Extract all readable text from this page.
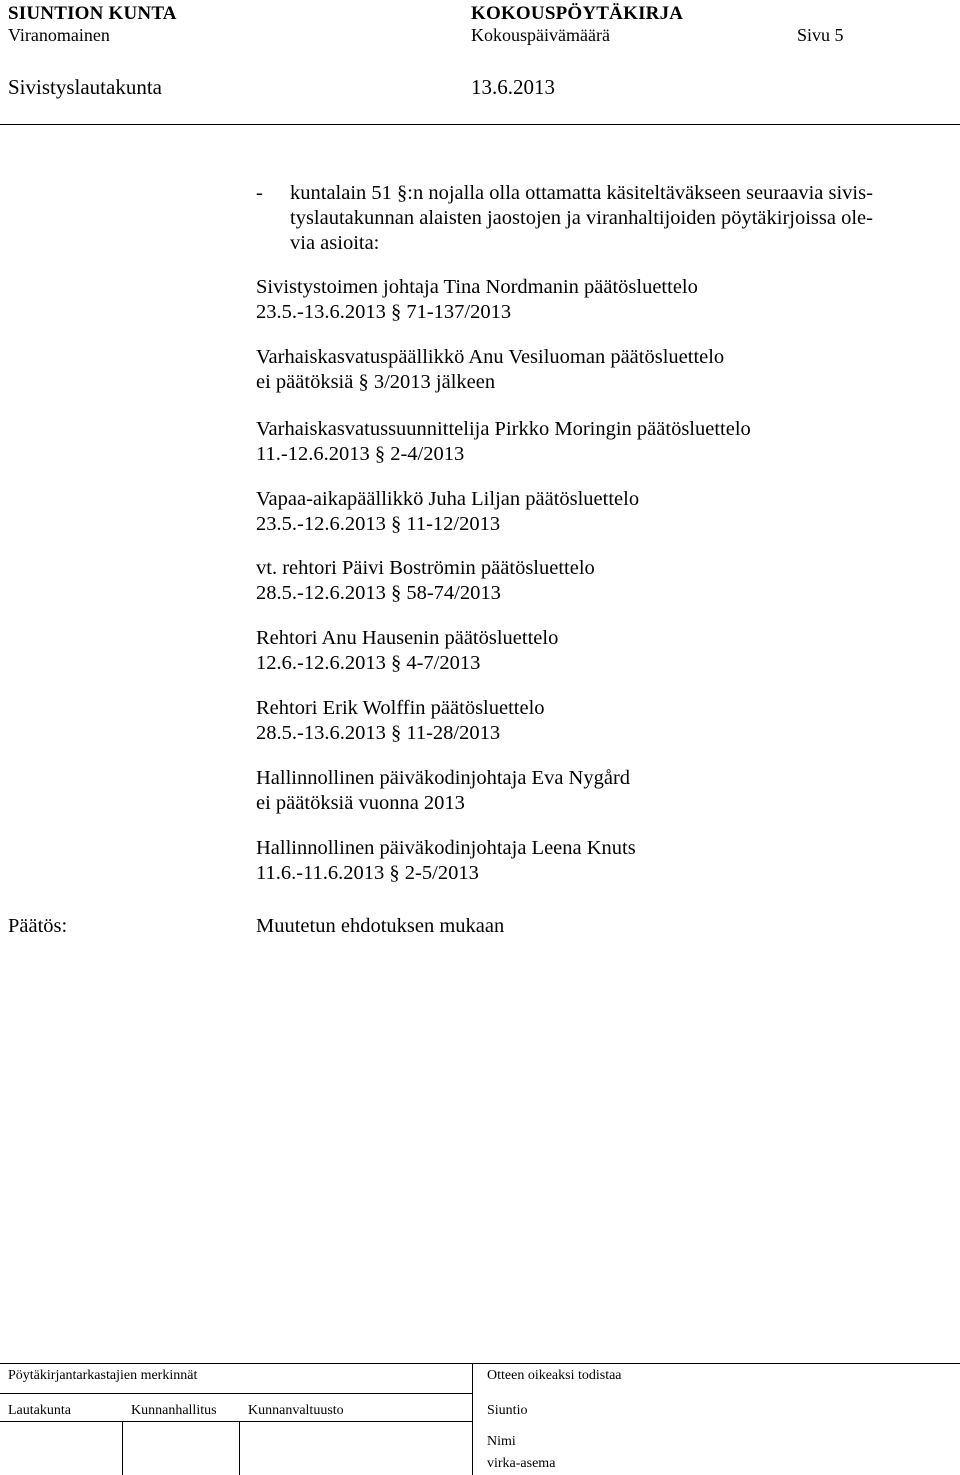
SIUNTION KUNTA	KOKOUSPÖYTÄKIRJA
Viranomainen	Kokouspäivämäärä	Sivu 5
Sivistyslautakunta	13.6.2013
- kuntalain 51 §:n nojalla olla ottamatta käsiteltäväkseen seuraavia sivis-
tyslautakunnan alaisten jaostojen ja viranhaltijoiden pöytäkirjoissa ole-
via asioita:
Sivistystoimen johtaja Tina Nordmanin päätösluettelo
23.5.-13.6.2013 § 71-137/2013
Varhaiskasvatuspäällikkö Anu Vesiluoman päätösluettelo
ei päätöksiä § 3/2013 jälkeen
Varhaiskasvatussuunnittelija Pirkko Moringin päätösluettelo
11.-12.6.2013 § 2-4/2013
Vapaa-aikapäällikkö Juha Liljan päätösluettelo
23.5.-12.6.2013 § 11-12/2013
vt. rehtori Päivi Boströmin päätösluettelo
28.5.-12.6.2013 § 58-74/2013
Rehtori Anu Hausenin päätösluettelo
12.6.-12.6.2013 § 4-7/2013
Rehtori Erik Wolffin päätösluettelo
28.5.-13.6.2013 § 11-28/2013
Hallinnollinen päiväkodinjohtaja Eva Nygård
ei päätöksiä vuonna 2013
Hallinnollinen päiväkodinjohtaja Leena Knuts
11.6.-11.6.2013 § 2-5/2013
Päätös:	Muutetun ehdotuksen mukaan
Pöytäkirjantarkastajien merkinnät	Otteen oikeaksi todistaa
Lautakunta	Kunnanhallitus Kunnanvaltuusto	Siuntio
Nimi
virka-asema
